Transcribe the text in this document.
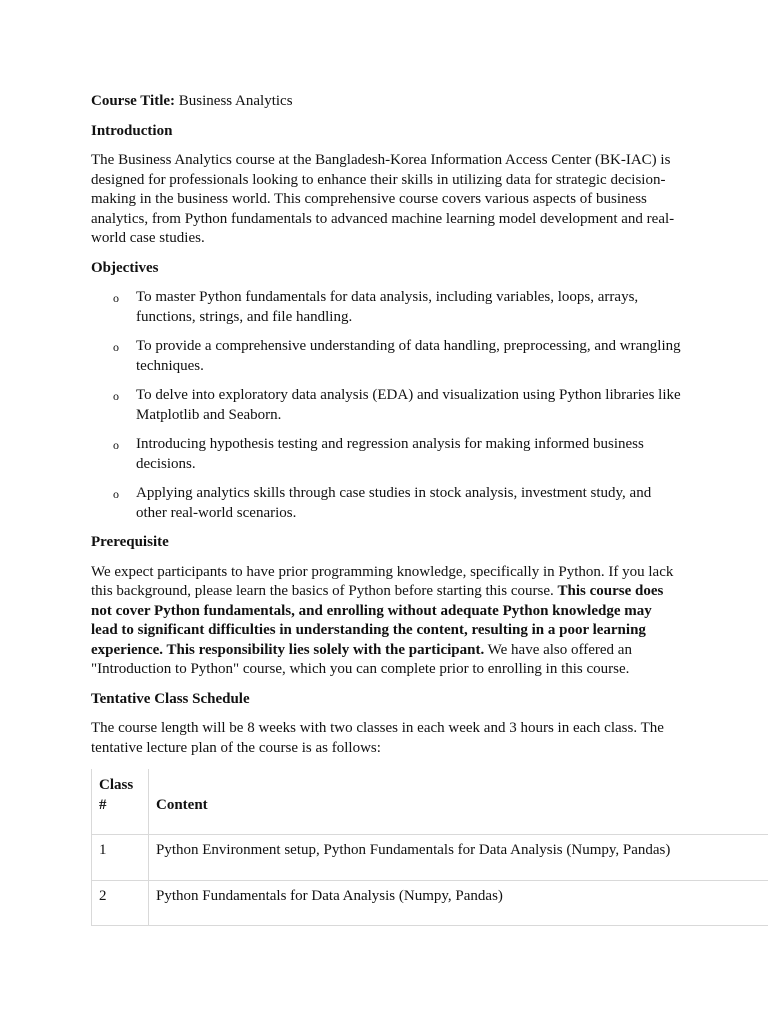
Course Title: Business Analytics

Introduction

The Business Analytics course at the Bangladesh-Korea Information Access Center (BK-IAC) is designed for professionals looking to enhance their skills in utilizing data for strategic decision-making in the business world. This comprehensive course covers various aspects of business analytics, from Python fundamentals to advanced machine learning model development and real-world case studies.

Objectives

o To master Python fundamentals for data analysis, including variables, loops, arrays, functions, strings, and file handling.
o To provide a comprehensive understanding of data handling, preprocessing, and wrangling techniques.
o To delve into exploratory data analysis (EDA) and visualization using Python libraries like Matplotlib and Seaborn.
o Introducing hypothesis testing and regression analysis for making informed business decisions.
o Applying analytics skills through case studies in stock analysis, investment study, and other real-world scenarios.

Prerequisite

We expect participants to have prior programming knowledge, specifically in Python. If you lack this background, please learn the basics of Python before starting this course. This course does not cover Python fundamentals, and enrolling without adequate Python knowledge may lead to significant difficulties in understanding the content, resulting in a poor learning experience. This responsibility lies solely with the participant. We have also offered an "Introduction to Python" course, which you can complete prior to enrolling in this course.

Tentative Class Schedule

The course length will be 8 weeks with two classes in each week and 3 hours in each class. The tentative lecture plan of the course is as follows:

Class #	Content
1	Python Environment setup, Python Fundamentals for Data Analysis (Numpy, Pandas)
2	Python Fundamentals for Data Analysis (Numpy, Pandas)
